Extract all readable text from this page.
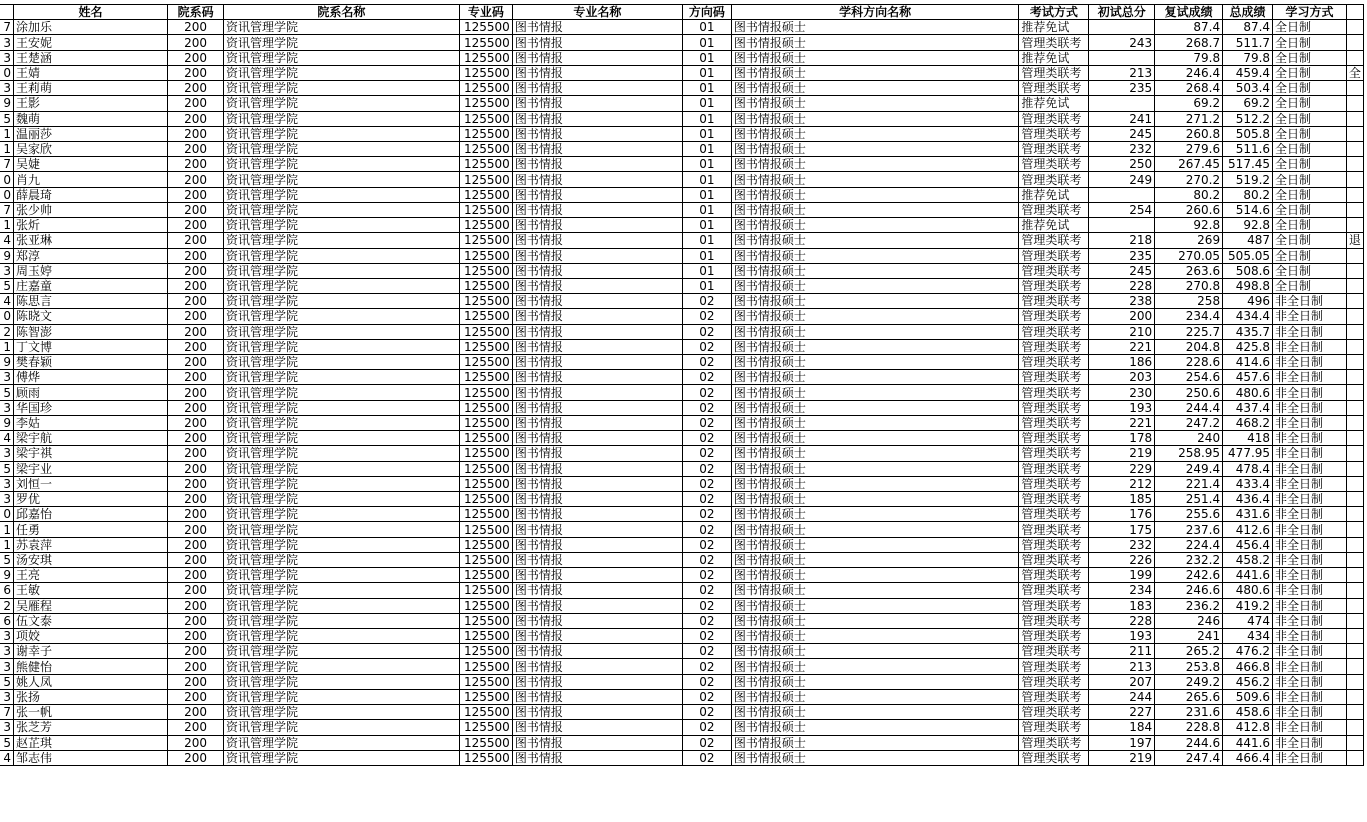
	姓名	院系码	院系名称	专业码	专业名称	方向码	学科方向名称	考试方式	初试总分	复试成绩	总成绩	学习方式	
7	涂加乐	200	资讯管理学院	125500	图书情报	01	图书情报硕士	推荐免试		87.4	87.4	全日制	
3	王安妮	200	资讯管理学院	125500	图书情报	01	图书情报硕士	管理类联考	243	268.7	511.7	全日制	
3	王楚涵	200	资讯管理学院	125500	图书情报	01	图书情报硕士	推荐免试		79.8	79.8	全日制	
0	王婧	200	资讯管理学院	125500	图书情报	01	图书情报硕士	管理类联考	213	246.4	459.4	全日制	全
3	王莉萌	200	资讯管理学院	125500	图书情报	01	图书情报硕士	管理类联考	235	268.4	503.4	全日制	
9	王影	200	资讯管理学院	125500	图书情报	01	图书情报硕士	推荐免试		69.2	69.2	全日制	
5	魏萌	200	资讯管理学院	125500	图书情报	01	图书情报硕士	管理类联考	241	271.2	512.2	全日制	
1	温丽莎	200	资讯管理学院	125500	图书情报	01	图书情报硕士	管理类联考	245	260.8	505.8	全日制	
1	吴家欣	200	资讯管理学院	125500	图书情报	01	图书情报硕士	管理类联考	232	279.6	511.6	全日制	
7	吴婕	200	资讯管理学院	125500	图书情报	01	图书情报硕士	管理类联考	250	267.45	517.45	全日制	
0	肖九	200	资讯管理学院	125500	图书情报	01	图书情报硕士	管理类联考	249	270.2	519.2	全日制	
0	薛晨琦	200	资讯管理学院	125500	图书情报	01	图书情报硕士	推荐免试		80.2	80.2	全日制	
7	张少帅	200	资讯管理学院	125500	图书情报	01	图书情报硕士	管理类联考	254	260.6	514.6	全日制	
1	张炘	200	资讯管理学院	125500	图书情报	01	图书情报硕士	推荐免试		92.8	92.8	全日制	
4	张亚琳	200	资讯管理学院	125500	图书情报	01	图书情报硕士	管理类联考	218	269	487	全日制	退
9	郑淳	200	资讯管理学院	125500	图书情报	01	图书情报硕士	管理类联考	235	270.05	505.05	全日制	
3	周玉婷	200	资讯管理学院	125500	图书情报	01	图书情报硕士	管理类联考	245	263.6	508.6	全日制	
5	庄嘉童	200	资讯管理学院	125500	图书情报	01	图书情报硕士	管理类联考	228	270.8	498.8	全日制	
4	陈思言	200	资讯管理学院	125500	图书情报	02	图书情报硕士	管理类联考	238	258	496	非全日制	
0	陈晓文	200	资讯管理学院	125500	图书情报	02	图书情报硕士	管理类联考	200	234.4	434.4	非全日制	
2	陈智澎	200	资讯管理学院	125500	图书情报	02	图书情报硕士	管理类联考	210	225.7	435.7	非全日制	
1	丁文博	200	资讯管理学院	125500	图书情报	02	图书情报硕士	管理类联考	221	204.8	425.8	非全日制	
9	樊春颖	200	资讯管理学院	125500	图书情报	02	图书情报硕士	管理类联考	186	228.6	414.6	非全日制	
3	傅烨	200	资讯管理学院	125500	图书情报	02	图书情报硕士	管理类联考	203	254.6	457.6	非全日制	
5	顾雨	200	资讯管理学院	125500	图书情报	02	图书情报硕士	管理类联考	230	250.6	480.6	非全日制	
3	华国珍	200	资讯管理学院	125500	图书情报	02	图书情报硕士	管理类联考	193	244.4	437.4	非全日制	
9	李姑	200	资讯管理学院	125500	图书情报	02	图书情报硕士	管理类联考	221	247.2	468.2	非全日制	
4	梁宇航	200	资讯管理学院	125500	图书情报	02	图书情报硕士	管理类联考	178	240	418	非全日制	
3	梁宇祺	200	资讯管理学院	125500	图书情报	02	图书情报硕士	管理类联考	219	258.95	477.95	非全日制	
5	梁宇业	200	资讯管理学院	125500	图书情报	02	图书情报硕士	管理类联考	229	249.4	478.4	非全日制	
3	刘恒一	200	资讯管理学院	125500	图书情报	02	图书情报硕士	管理类联考	212	221.4	433.4	非全日制	
3	罗优	200	资讯管理学院	125500	图书情报	02	图书情报硕士	管理类联考	185	251.4	436.4	非全日制	
0	邱嘉怡	200	资讯管理学院	125500	图书情报	02	图书情报硕士	管理类联考	176	255.6	431.6	非全日制	
1	任勇	200	资讯管理学院	125500	图书情报	02	图书情报硕士	管理类联考	175	237.6	412.6	非全日制	
1	苏袁萍	200	资讯管理学院	125500	图书情报	02	图书情报硕士	管理类联考	232	224.4	456.4	非全日制	
5	汤安琪	200	资讯管理学院	125500	图书情报	02	图书情报硕士	管理类联考	226	232.2	458.2	非全日制	
9	王亮	200	资讯管理学院	125500	图书情报	02	图书情报硕士	管理类联考	199	242.6	441.6	非全日制	
6	王敏	200	资讯管理学院	125500	图书情报	02	图书情报硕士	管理类联考	234	246.6	480.6	非全日制	
2	吴雁程	200	资讯管理学院	125500	图书情报	02	图书情报硕士	管理类联考	183	236.2	419.2	非全日制	
6	伍文泰	200	资讯管理学院	125500	图书情报	02	图书情报硕士	管理类联考	228	246	474	非全日制	
3	项姣	200	资讯管理学院	125500	图书情报	02	图书情报硕士	管理类联考	193	241	434	非全日制	
3	谢幸子	200	资讯管理学院	125500	图书情报	02	图书情报硕士	管理类联考	211	265.2	476.2	非全日制	
3	熊健怡	200	资讯管理学院	125500	图书情报	02	图书情报硕士	管理类联考	213	253.8	466.8	非全日制	
5	姚人凤	200	资讯管理学院	125500	图书情报	02	图书情报硕士	管理类联考	207	249.2	456.2	非全日制	
3	张扬	200	资讯管理学院	125500	图书情报	02	图书情报硕士	管理类联考	244	265.6	509.6	非全日制	
7	张一帆	200	资讯管理学院	125500	图书情报	02	图书情报硕士	管理类联考	227	231.6	458.6	非全日制	
3	张芝芳	200	资讯管理学院	125500	图书情报	02	图书情报硕士	管理类联考	184	228.8	412.8	非全日制	
5	赵芷琪	200	资讯管理学院	125500	图书情报	02	图书情报硕士	管理类联考	197	244.6	441.6	非全日制	
4	邹志伟	200	资讯管理学院	125500	图书情报	02	图书情报硕士	管理类联考	219	247.4	466.4	非全日制	
